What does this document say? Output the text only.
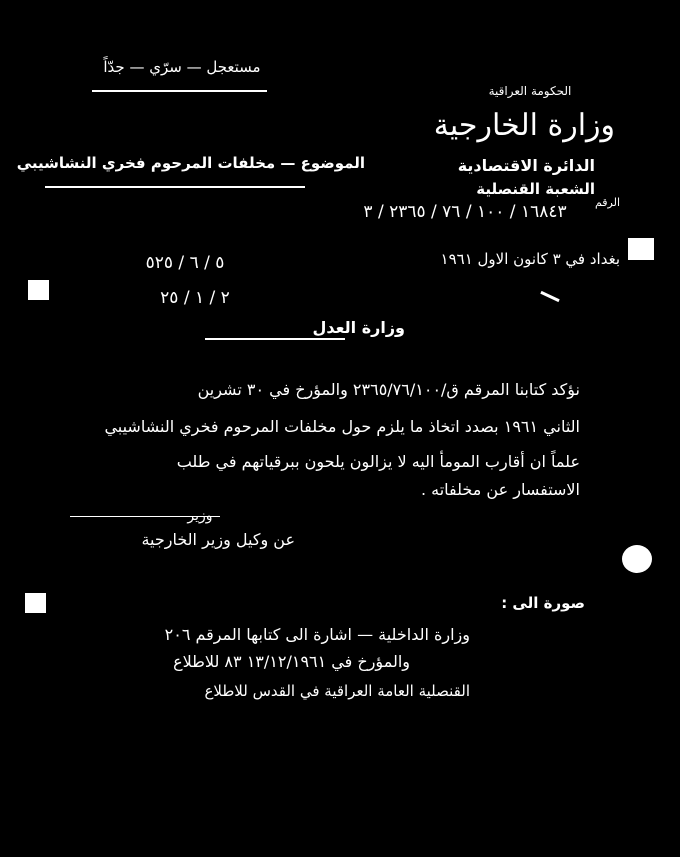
مستعجل — سرّي — جدّاً
الحكومة العراقية
وزارة الخارجية
الدائرة الاقتصادية
الشعبة القنصلية
الرقم
١٦٨٤٣ / ١٠٠ / ٧٦ / ٢٣٦٥ / ٣
الموضوع — مخلفات المرحوم فخري النشاشيبي
بغداد في ٣ كانون الاول ١٩٦١
٥ / ٦ / ٥٢٥
٢ / ١ / ٢٥
وزارة العدل
نؤكد كتابنا المرقم ق/٢٣٦٥/٧٦/١٠٠ والمؤرخ في ٣٠ تشرين
الثاني ١٩٦١ بصدد اتخاذ ما يلزم حول مخلفات المرحوم فخري النشاشيبي
علماً ان أقارب المومأ اليه لا يزالون يلحون ببرقياتهم في طلب
الاستفسار عن مخلفاته .
وزير
عن وكيل وزير الخارجية
صورة الى :
وزارة الداخلية — اشارة الى كتابها المرقم ٢٠٦
والمؤرخ في ١٣/١٢/١٩٦١ ٨٣ للاطلاع
القنصلية العامة العراقية في القدس للاطلاع
